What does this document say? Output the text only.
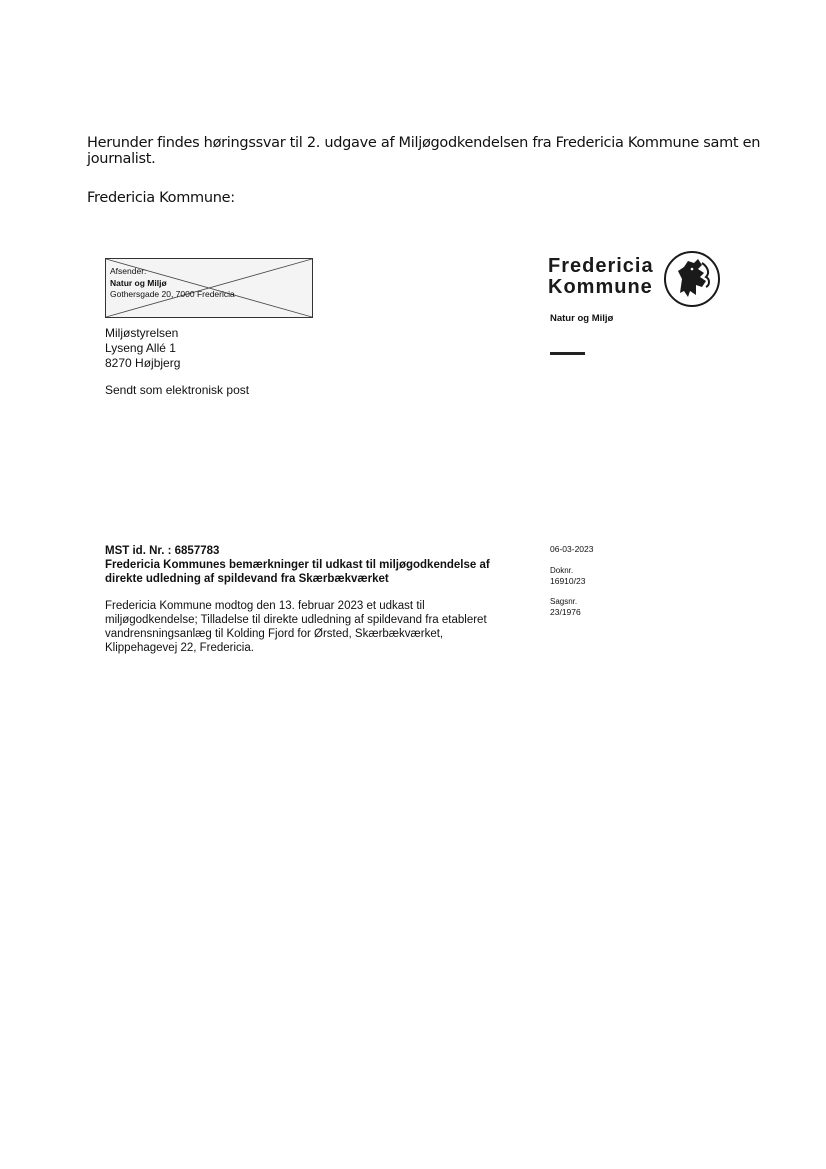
Herunder findes høringssvar til 2. udgave af Miljøgodkendelsen fra Fredericia Kommune samt en journalist.
Fredericia Kommune:
Afsender:
Natur og Miljø
Gothersgade 20, 7000 Fredericia
Miljøstyrelsen
Lyseng Allé 1
8270 Højbjerg
Sendt som elektronisk post
Fredericia
Kommune
Natur og Miljø
MST id. Nr. : 6857783
Fredericia Kommunes bemærkninger til udkast til miljøgodkendelse af
direkte udledning af spildevand fra Skærbækværket
Fredericia Kommune modtog den 13. februar 2023 et udkast til
miljøgodkendelse; Tilladelse til direkte udledning af spildevand fra etableret
vandrensningsanlæg til Kolding Fjord for Ørsted, Skærbækværket,
Klippehagevej 22, Fredericia.
06-03-2023
Doknr.
16910/23
Sagsnr.
23/1976
